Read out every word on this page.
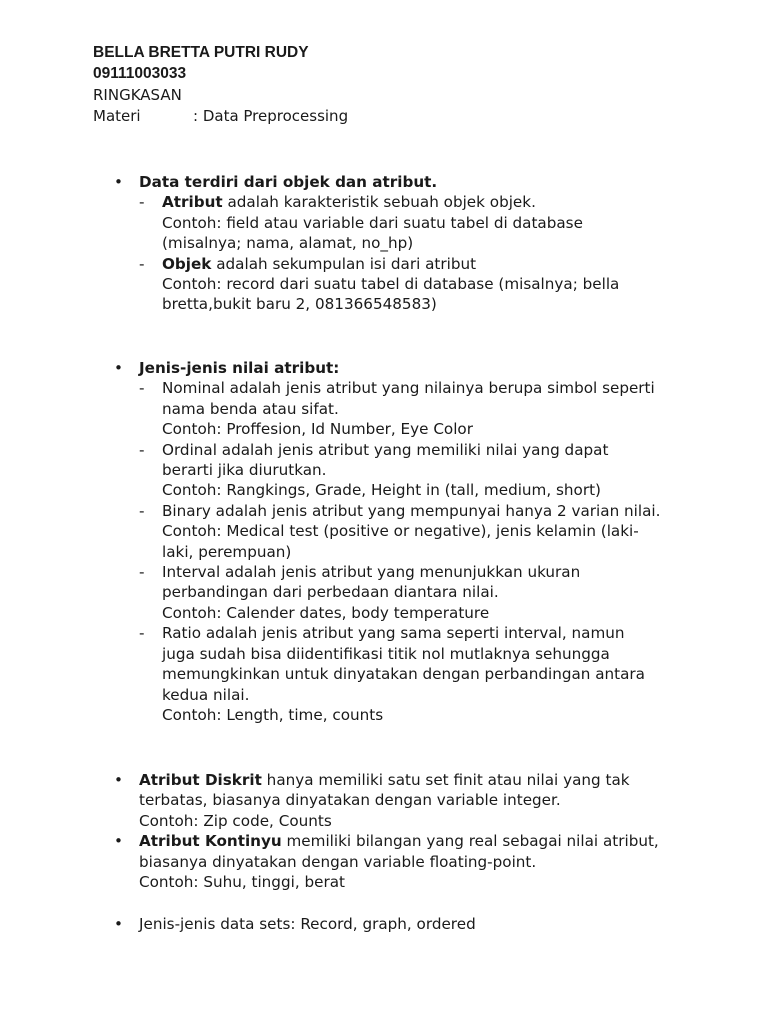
BELLA BRETTA PUTRI RUDY
09111003033
RINGKASAN
Materi	: Data Preprocessing
•	Data terdiri dari objek dan atribut.
- Atribut adalah karakteristik sebuah objek objek.
Contoh: field atau variable dari suatu tabel di database
(misalnya; nama, alamat, no_hp)
- Objek adalah sekumpulan isi dari atribut
Contoh: record dari suatu tabel di database (misalnya; bella
bretta,bukit baru 2, 081366548583)
•	Jenis-jenis nilai atribut:
- Nominal adalah jenis atribut yang nilainya berupa simbol seperti
nama benda atau sifat.
Contoh: Proffesion, Id Number, Eye Color
- Ordinal adalah jenis atribut yang memiliki nilai yang dapat
berarti jika diurutkan.
Contoh: Rangkings, Grade, Height in (tall, medium, short)
- Binary adalah jenis atribut yang mempunyai hanya 2 varian nilai.
Contoh: Medical test (positive or negative), jenis kelamin (laki-
laki, perempuan)
- Interval adalah jenis atribut yang menunjukkan ukuran
perbandingan dari perbedaan diantara nilai.
Contoh: Calender dates, body temperature
- Ratio adalah jenis atribut yang sama seperti interval, namun
juga sudah bisa diidentifikasi titik nol mutlaknya sehungga
memungkinkan untuk dinyatakan dengan perbandingan antara
kedua nilai.
Contoh: Length, time, counts
•	Atribut Diskrit hanya memiliki satu set finit atau nilai yang tak
terbatas, biasanya dinyatakan dengan variable integer.
Contoh: Zip code, Counts
•	Atribut Kontinyu memiliki bilangan yang real sebagai nilai atribut,
biasanya dinyatakan dengan variable floating-point.
Contoh: Suhu, tinggi, berat
•	Jenis-jenis data sets: Record, graph, ordered
